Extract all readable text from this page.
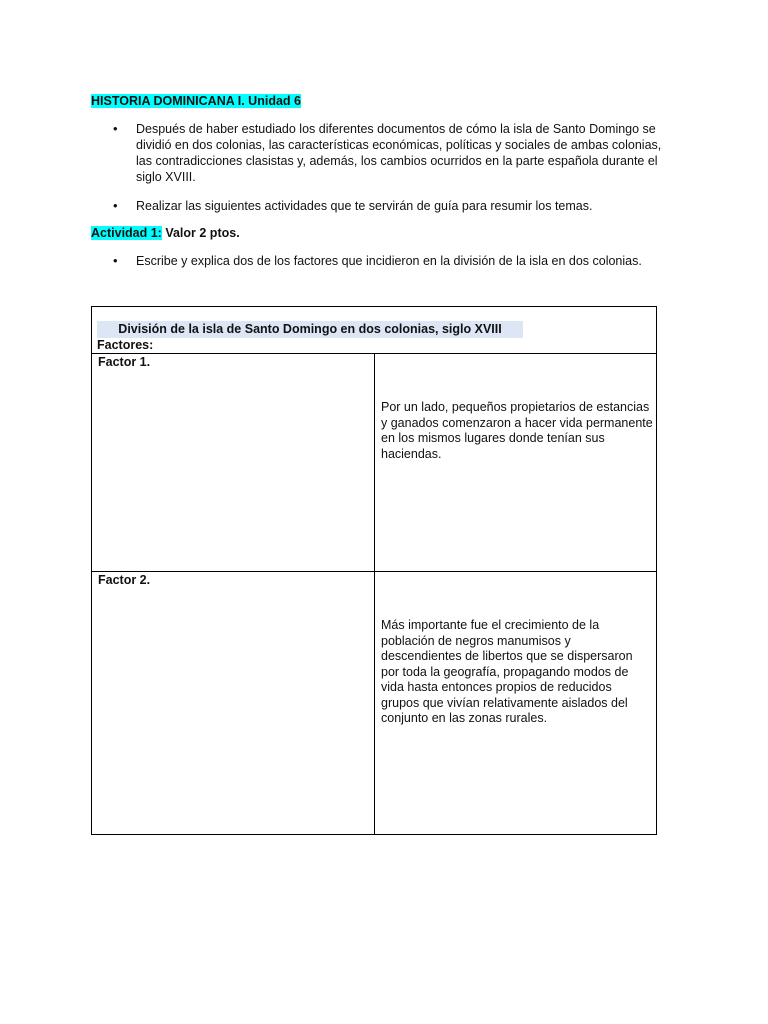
HISTORIA DOMINICANA I. Unidad 6
• Después de haber estudiado los diferentes documentos de cómo la isla de Santo Domingo se dividió en dos colonias, las características económicas, políticas y sociales de ambas colonias, las contradicciones clasistas y, además, los cambios ocurridos en la parte española durante el siglo XVIII.
• Realizar las siguientes actividades que te servirán de guía para resumir los temas.
Actividad 1: Valor 2 ptos.
• Escribe y explica dos de los factores que incidieron en la división de la isla en dos colonias.
División de la isla de Santo Domingo en dos colonias, siglo XVIII
Factores:
Factor 1.
Por un lado, pequeños propietarios de estancias y ganados comenzaron a hacer vida permanente en los mismos lugares donde tenían sus haciendas.
Factor 2.
Más importante fue el crecimiento de la población de negros manumisos y descendientes de libertos que se dispersaron por toda la geografía, propagando modos de vida hasta entonces propios de reducidos grupos que vivían relativamente aislados del conjunto en las zonas rurales.
